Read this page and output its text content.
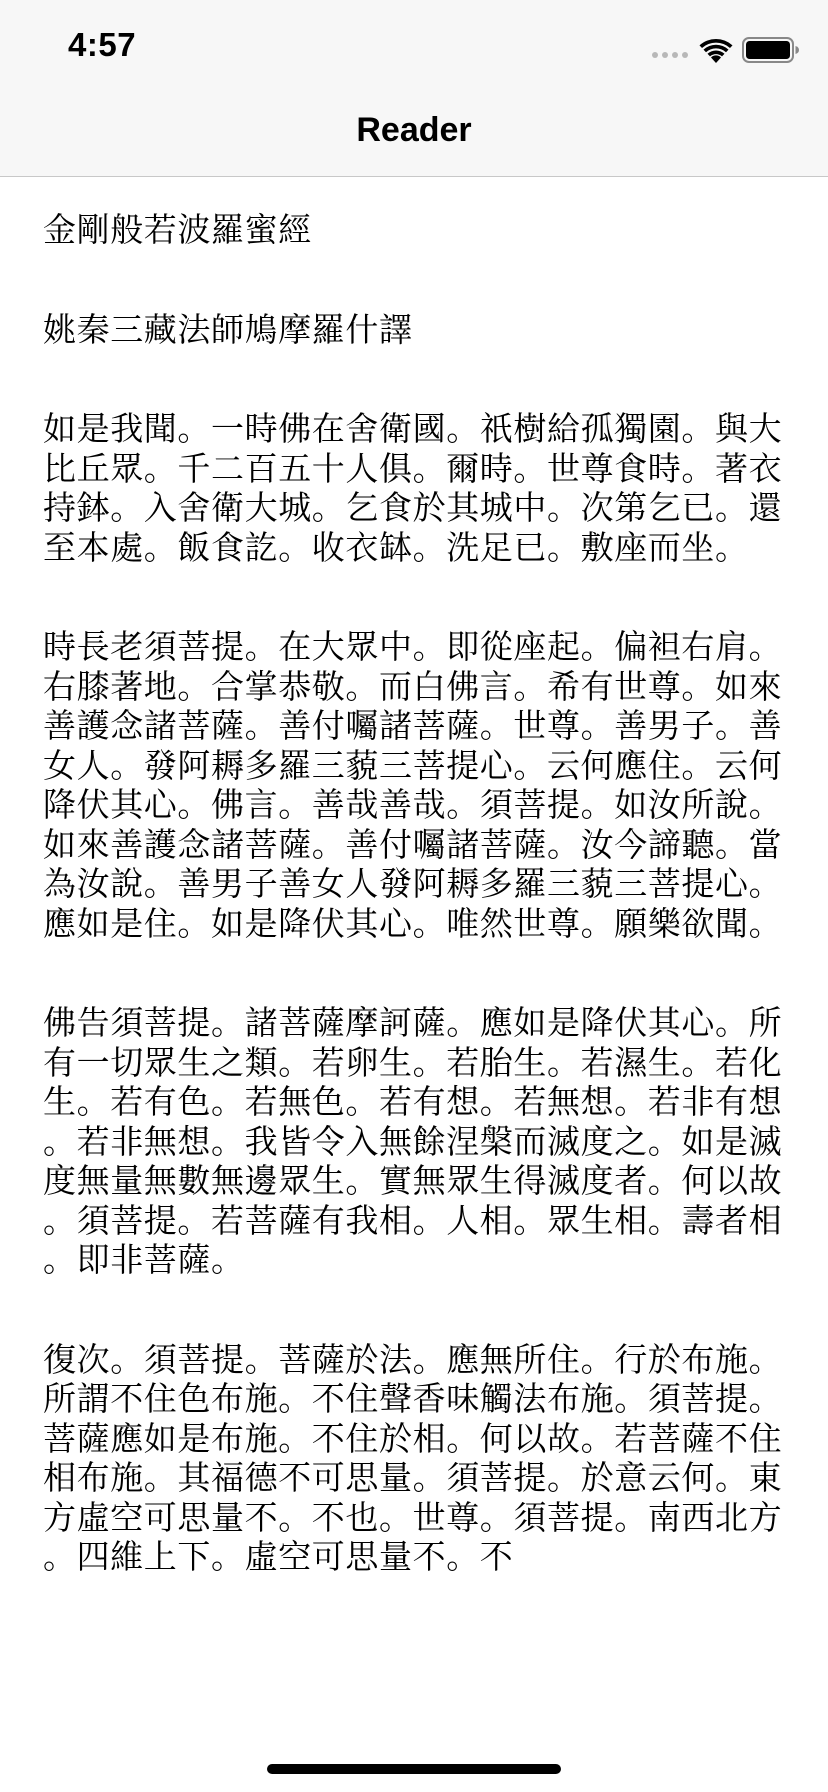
4:57
Reader

金剛般若波羅蜜經

姚秦三藏法師鳩摩羅什譯

如是我聞。一時佛在舍衛國。祇樹給孤獨園。與大比丘眾。千二百五十人俱。爾時。世尊食時。著衣持鉢。入舍衛大城。乞食於其城中。次第乞已。還至本處。飯食訖。收衣缽。洗足已。敷座而坐。

時長老須菩提。在大眾中。即從座起。偏袒右肩。右膝著地。合掌恭敬。而白佛言。希有世尊。如來善護念諸菩薩。善付囑諸菩薩。世尊。善男子。善女人。發阿耨多羅三藐三菩提心。云何應住。云何降伏其心。佛言。善哉善哉。須菩提。如汝所說。如來善護念諸菩薩。善付囑諸菩薩。汝今諦聽。當為汝說。善男子善女人發阿耨多羅三藐三菩提心。應如是住。如是降伏其心。唯然世尊。願樂欲聞。

佛告須菩提。諸菩薩摩訶薩。應如是降伏其心。所有一切眾生之類。若卵生。若胎生。若濕生。若化生。若有色。若無色。若有想。若無想。若非有想。若非無想。我皆令入無餘涅槃而滅度之。如是滅度無量無數無邊眾生。實無眾生得滅度者。何以故。須菩提。若菩薩有我相。人相。眾生相。壽者相。即非菩薩。

復次。須菩提。菩薩於法。應無所住。行於布施。所謂不住色布施。不住聲香味觸法布施。須菩提。菩薩應如是布施。不住於相。何以故。若菩薩不住相布施。其福德不可思量。須菩提。於意云何。東方虛空可思量不。不也。世尊。須菩提。南西北方。四維上下。虛空可思量不。不
